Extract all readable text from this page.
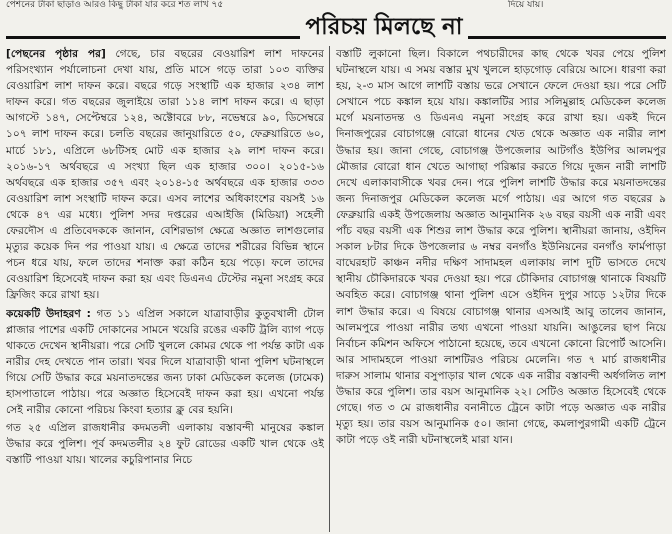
পেশনের টাকা ছাড়াও আরও কিছু টাকা যার করে শত লাখ ৭৫	দিয়ে যায়।
পরিচয় মিলছে না

[পেছনের পৃষ্ঠার পর] গেছে, চার বছরের বেওয়ারিশ লাশ দাফনের পরিসংখ্যান পর্যালোচনা দেখা যায়, প্রতি মাসে গড়ে তারা ১০৩ ব্যক্তির বেওয়ারিশ লাশ দাফন করে। বছরে গড়ে সংস্থাটি এক হাজার ২৩৪ লাশ দাফন করে। গত বছরের জুলাইয়ে তারা ১১৪ লাশ দাফন করে। এ ছাড়া আগস্টে ১৪৭, সেপ্টেম্বরে ১২৪, অক্টোবরে ৮৮, নভেম্বরে ৯০, ডিসেম্বরে ১০৭ লাশ দাফন করে। চলতি বছরের জানুয়ারিতে ৫০, ফেব্রুয়ারিতে ৬০, মার্চে ১৮১, এপ্রিলে ৬৮টিসহ মোট এক হাজার ২৯ লাশ দাফন করে। ২০১৬-১৭ অর্থবছরে এ সংখ্যা ছিল এক হাজার ৩০০। ২০১৫-১৬ অর্থবছরে এক হাজার ৩৫৭ এবং ২০১৪-১৫ অর্থবছরে এক হাজার ৩৩৩ বেওয়ারিশ লাশ সংস্থাটি দাফন করে। এসব লাশের অধিকাংশের বয়সই ১৬ থেকে ৪৭ এর মধ্যে। পুলিশ সদর দপ্তরের এআইজি (মিডিয়া) সহেলী ফেরদৌস এ প্রতিবেদককে জানান, বেশিরভাগ ক্ষেত্রে অজ্ঞাত লাশগুলোর মৃত্যুর কয়েক দিন পর পাওয়া যায়। এ ক্ষেত্রে তাদের শরীরের বিভিন্ন স্থানে পচন ধরে যায়, ফলে তাদের শনাক্ত করা কঠিন হয়ে পড়ে। ফলে তাদের বেওয়ারিশ হিসেবেই দাফন করা হয় এবং ডিএনএ টেস্টের নমুনা সংগ্রহ করে ফ্রিজিং করে রাখা হয়।

কয়েকটি উদাহরণ : গত ১১ এপ্রিল সকালে যাত্রাবাড়ীর কুতুবখালী টোল প্লাজার পাশের একটি দোকানের সামনে খয়েরি রঙের একটি ট্রলি ব্যাগ পড়ে থাকতে দেখেন স্থানীয়রা। পরে সেটি খুললে কোমর থেকে পা পর্যন্ত কাটা এক নারীর দেহ দেখতে পান তারা। খবর দিলে যাত্রাবাড়ী থানা পুলিশ ঘটনাস্থলে গিয়ে সেটি উদ্ধার করে ময়নাতদন্তের জন্য ঢাকা মেডিকেল কলেজ (ঢামেক) হাসপাতালে পাঠায়। পরে অজ্ঞাত হিসেবেই দাফন করা হয়। এখনো পর্যন্ত সেই নারীর কোনো পরিচয় কিংবা হত্যার ক্লু বের হয়নি।

গত ২৫ এপ্রিল রাজধানীর কদমতলী এলাকায় বস্তাবন্দী মানুষের কঙ্কাল উদ্ধার করে পুলিশ। পূর্ব কদমতলীর ২৪ ফুট রোডের একটি খাল থেকে ওই বস্তাটি পাওয়া যায়। খালের কচুরিপানার নিচে

বস্তাটি লুকানো ছিল। বিকালে পথচারীদের কাছ থেকে খবর পেয়ে পুলিশ ঘটনাস্থলে যায়। এ সময় বস্তার মুখ খুললে হাড়গোড় বেরিয়ে আসে। ধারণা করা হয়, ২-৩ মাস আগে লাশটি বস্তায় ভরে সেখানে ফেলে দেওয়া হয়। পরে সেটি সেখানে পচে কঙ্কাল হয়ে যায়। কঙ্কালটির স্যার সলিমুল্লাহ মেডিকেল কলেজ মর্গে ময়নাতদন্ত ও ডিএনএ নমুনা সংগ্রহ করে রাখা হয়। একই দিনে দিনাজপুরের বোচাগঞ্জে বোরো ধানের খেত থেকে অজ্ঞাত এক নারীর লাশ উদ্ধার হয়। জানা গেছে, বোচাগঞ্জ উপজেলার আটগাঁও ইউপির আলমপুর মৌজার বোরো ধান খেতে আগাছা পরিষ্কার করতে গিয়ে দুজন নারী লাশটি দেখে এলাকাবাসীকে খবর দেন। পরে পুলিশ লাশটি উদ্ধার করে ময়নাতদন্তের জন্য দিনাজপুর মেডিকেল কলেজ মর্গে পাঠায়। এর আগে গত বছরের ৯ ফেব্রুয়ারি একই উপজেলায় অজ্ঞাত আনুমানিক ২৬ বছর বয়সী এক নারী এবং পাঁচ বছর বয়সী এক শিশুর লাশ উদ্ধার করে পুলিশ। স্থানীয়রা জানায়, ওইদিন সকাল ৮টার দিকে উপজেলার ৬ নম্বর বনগাঁও ইউনিয়নের বনগাঁও ফার্মপাড়া বাঘেরহাট কাঞ্চন নদীর দক্ষিণ সাদামহল এলাকায় লাশ দুটি ভাসতে দেখে স্থানীয় চৌকিদারকে খবর দেওয়া হয়। পরে চৌকিদার বোচাগঞ্জ থানাকে বিষয়টি অবহিত করে। বোচাগঞ্জ থানা পুলিশ এসে ওইদিন দুপুর সাড়ে ১২টার দিকে লাশ উদ্ধার করে। এ বিষয়ে বোচাগঞ্জ থানার এসআই আবু তালেব জানান, আলমপুরে পাওয়া নারীর তথ্য এখনো পাওয়া যায়নি। আঙুলের ছাপ নিয়ে নির্বাচন কমিশন অফিসে পাঠানো হয়েছে, তবে এখনো কোনো রিপোর্ট আসেনি। আর সাদামহলে পাওয়া লাশটিরও পরিচয় মেলেনি। গত ৭ মার্চ রাজধানীর দারুস সালাম থানার বসুপাড়ার খাল থেকে এক নারীর বস্তাবন্দী অর্ধগলিত লাশ উদ্ধার করে পুলিশ। তার বয়স আনুমানিক ২২। সেটিও অজ্ঞাত হিসেবেই থেকে গেছে। গত ৩ মে রাজধানীর বনানীতে ট্রেনে কাটা পড়ে অজ্ঞাত এক নারীর মৃত্যু হয়। তার বয়স আনুমানিক ৫০। জানা গেছে, কমলাপুরগামী একটি ট্রেনে কাটা পড়ে ওই নারী ঘটনাস্থলেই মারা যান।
